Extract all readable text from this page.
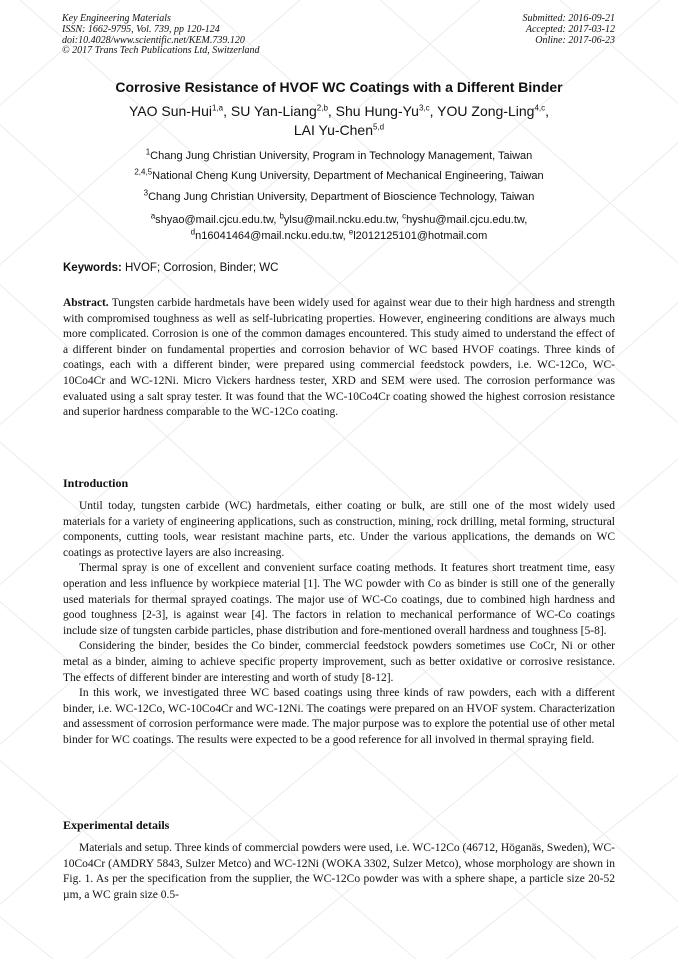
Key Engineering Materials
ISSN: 1662-9795, Vol. 739, pp 120-124
doi:10.4028/www.scientific.net/KEM.739.120
© 2017 Trans Tech Publications Ltd, Switzerland
Submitted: 2016-09-21
Accepted: 2017-03-12
Online: 2017-06-23
Corrosive Resistance of HVOF WC Coatings with a Different Binder
YAO Sun-Hui$^{1,a}$, SU Yan-Liang$^{2,b}$, Shu Hung-Yu$^{3,c}$, YOU Zong-Ling$^{4,c}$,
LAI Yu-Chen$^{5,d}$
$^1$Chang Jung Christian University, Program in Technology Management, Taiwan
$^{2,4,5}$National Cheng Kung University, Department of Mechanical Engineering, Taiwan
$^3$Chang Jung Christian University, Department of Bioscience Technology, Taiwan
$^a$shyao@mail.cjcu.edu.tw, $^b$ylsu@mail.ncku.edu.tw, $^c$hyshu@mail.cjcu.edu.tw,
$^d$n16041464@mail.ncku.edu.tw, $^e$l2012125101@hotmail.com
Keywords: HVOF; Corrosion, Binder; WC

Abstract. Tungsten carbide hardmetals have been widely used for against wear due to their high hardness and strength with compromised toughness as well as self-lubricating properties. However, engineering conditions are always much more complicated. Corrosion is one of the common damages encountered. This study aimed to understand the effect of a different binder on fundamental properties and corrosion behavior of WC based HVOF coatings. Three kinds of coatings, each with a different binder, were prepared using commercial feedstock powders, i.e. WC-12Co, WC-10Co4Cr and WC-12Ni. Micro Vickers hardness tester, XRD and SEM were used. The corrosion performance was evaluated using a salt spray tester. It was found that the WC-10Co4Cr coating showed the highest corrosion resistance and superior hardness comparable to the WC-12Co coating.

Introduction

Until today, tungsten carbide (WC) hardmetals, either coating or bulk, are still one of the most widely used materials for a variety of engineering applications, such as construction, mining, rock drilling, metal forming, structural components, cutting tools, wear resistant machine parts, etc. Under the various applications, the demands on WC coatings as protective layers are also increasing.

Thermal spray is one of excellent and convenient surface coating methods. It features short treatment time, easy operation and less influence by workpiece material [1]. The WC powder with Co as binder is still one of the generally used materials for thermal sprayed coatings. The major use of WC-Co coatings, due to combined high hardness and good toughness [2-3], is against wear [4]. The factors in relation to mechanical performance of WC-Co coatings include size of tungsten carbide particles, phase distribution and fore-mentioned overall hardness and toughness [5-8].

Considering the binder, besides the Co binder, commercial feedstock powders sometimes use CoCr, Ni or other metal as a binder, aiming to achieve specific property improvement, such as better oxidative or corrosive resistance. The effects of different binder are interesting and worth of study [8-12].

In this work, we investigated three WC based coatings using three kinds of raw powders, each with a different binder, i.e. WC-12Co, WC-10Co4Cr and WC-12Ni. The coatings were prepared on an HVOF system. Characterization and assessment of corrosion performance were made. The major purpose was to explore the potential use of other metal binder for WC coatings. The results were expected to be a good reference for all involved in thermal spraying field.

Experimental details

Materials and setup. Three kinds of commercial powders were used, i.e. WC-12Co (46712, Höganäs, Sweden), WC-10Co4Cr (AMDRY 5843, Sulzer Metco) and WC-12Ni (WOKA 3302, Sulzer Metco), whose morphology are shown in Fig. 1. As per the specification from the supplier, the WC-12Co powder was with a sphere shape, a particle size 20-52 µm, a WC grain size 0.5-
